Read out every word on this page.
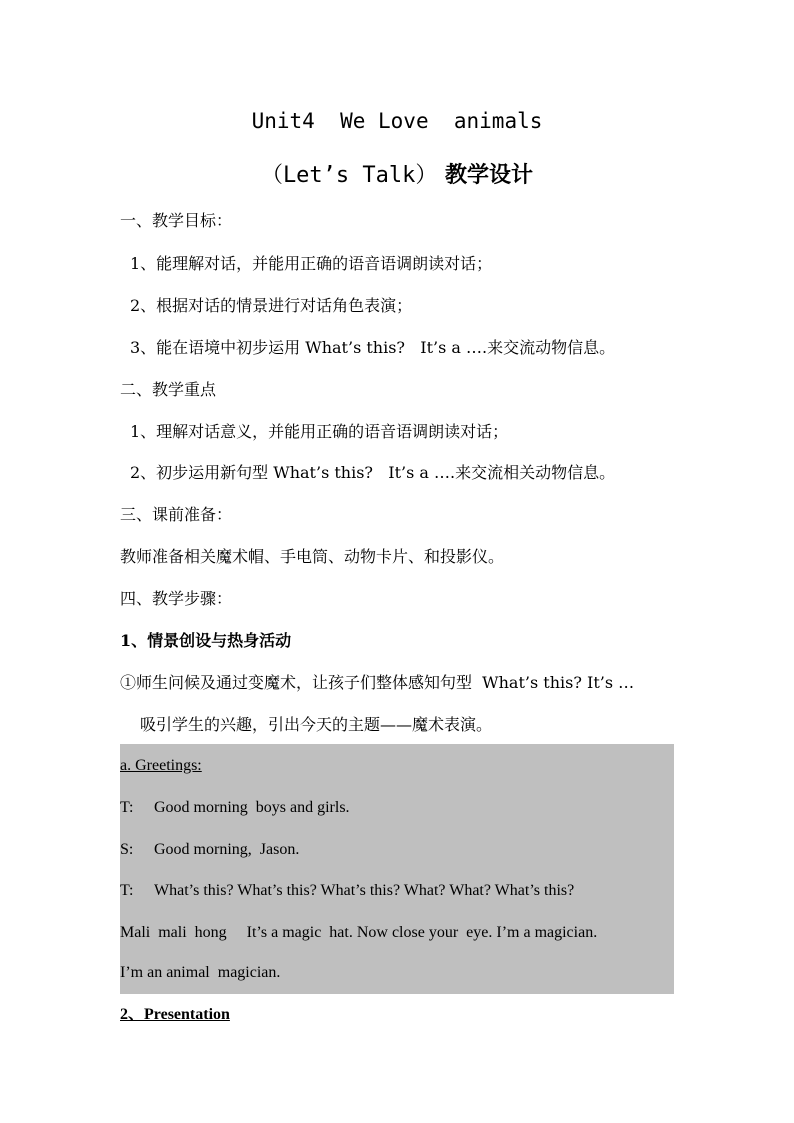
Unit4  We Love  animals
（Let’s Talk） 教学设计
一、教学目标：
1、能理解对话，并能用正确的语音语调朗读对话；
2、根据对话的情景进行对话角色表演；
3、能在语境中初步运用 What’s this?   It’s a ….来交流动物信息。
二、教学重点
1、理解对话意义，并能用正确的语音语调朗读对话；
2、初步运用新句型 What’s this?   It’s a ….来交流相关动物信息。
三、课前准备：
教师准备相关魔术帽、手电筒、动物卡片、和投影仪。
四、教学步骤：
1、情景创设与热身活动
①师生问候及通过变魔术，让孩子们整体感知句型  What’s this? It’s …
吸引学生的兴趣，引出今天的主题——魔术表演。
a. Greetings:
T: Good morning  boys and girls.
S: Good morning,  Jason.
T: What’s this? What’s this? What’s this? What? What? What’s this?
Mali  mali  hong     It’s a magic  hat. Now close your  eye. I’m a magician.
I’m an animal  magician.
2、Presentation
